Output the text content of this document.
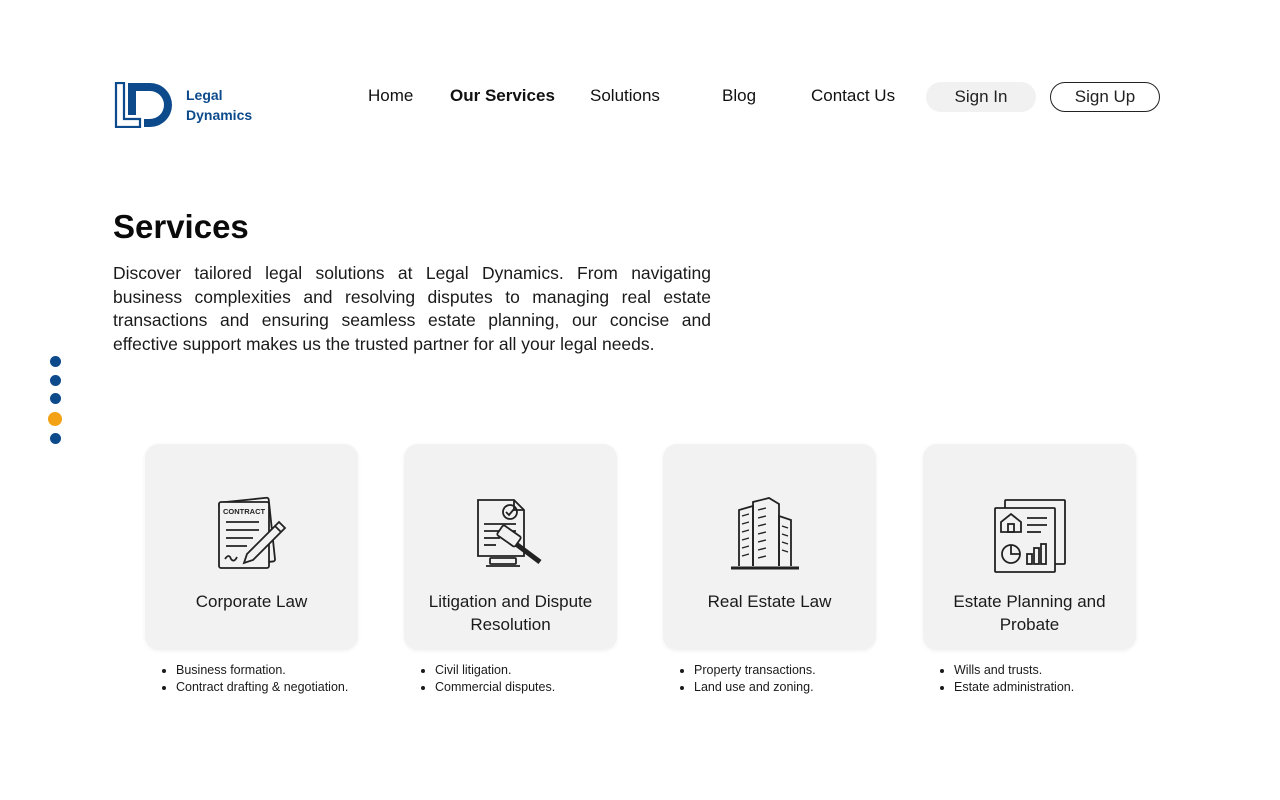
Legal
Dynamics
Home Our Services Solutions	Blog	Contact Us	Sign In	Sign Up
Services

Discover tailored legal solutions at Legal Dynamics. From navigating business complexities and resolving disputes to managing real estate transactions and ensuring seamless estate planning, our concise and effective support makes us the trusted partner for all your legal needs.

CONTRACT
Corporate Law
• Business formation.
• Contract drafting & negotiation.
Litigation and Dispute Resolution
• Civil litigation.
• Commercial disputes.
Real Estate Law
• Property transactions.
• Land use and zoning.
Estate Planning and Probate
• Wills and trusts.
• Estate administration.
